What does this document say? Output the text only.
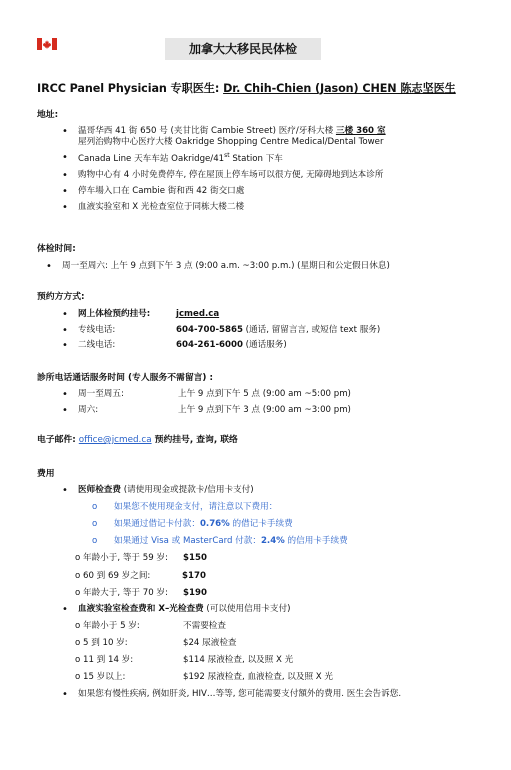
加拿大大移民民体检
IRCC Panel Physician 专职医生: Dr. Chih-Chien (Jason) CHEN 陈志坚医生
地址:
• 温哥华西 41 街 650 号 (夹甘比街 Cambie Street) 医疗/牙科大楼 三楼 360 室
屋列治购物中心医疗大楼 Oakridge Shopping Centre Medical/Dental Tower
• Canada Line 天车车站 Oakridge/41st Station 下车
• 购物中心有 4 小时免费停车, 停在屋顶上停车场可以很方便, 无障碍地到达本诊所
• 停车場入口在 Cambie 街和西 42 街交口處
• 血液实验室和 X 光检查室位于同栋大楼二楼
体检时间:
• 周一至周六: 上午 9 点到下午 3 点 (9:00 a.m. ~3:00 p.m.) (星期日和公定假日休息)
预约方方式:
• 网上体检预约挂号:	jcmed.ca
• 专线电话:	604-700-5865 (通话, 留留言言, 或短信 text 服务)
• 二线电话:	604-261-6000 (通话服务)
診所电话通话服务时间 (专人服务不需留言) :
• 周一至周五:	上午 9 点到下午 5 点 (9:00 am ~5:00 pm)
• 周六:	上午 9 点到下午 3 点 (9:00 am ~3:00 pm)
电子邮件: office@jcmed.ca 预约挂号, 查询, 联络
费用
• 医师检查费 (请使用现金或提款卡/信用卡支付)
o 如果您不使用现金支付，请注意以下费用：
o 如果通过借记卡付款：0.76% 的借记卡手续费
o 如果通过 Visa 或 MasterCard 付款：2.4% 的信用卡手续费
o 年龄小于, 等于 59 岁: $150
o 60 到 69 岁之间:	$170
o 年龄大于, 等于 70 岁: $190
• 血液实验室检查费和 X–光检查费 (可以使用信用卡支付)
o 年龄小于 5 岁:	不需要检查
o 5 到 10 岁:	$24 尿液检查
o 11 到 14 岁:	$114 尿液检查, 以及照 X 光
o 15 岁以上:	$192 尿液检查, 血液检查, 以及照 X 光
• 如果您有慢性疾病, 例如肝炎, HIV…等等, 您可能需要支付額外的费用. 医生会告诉您.
